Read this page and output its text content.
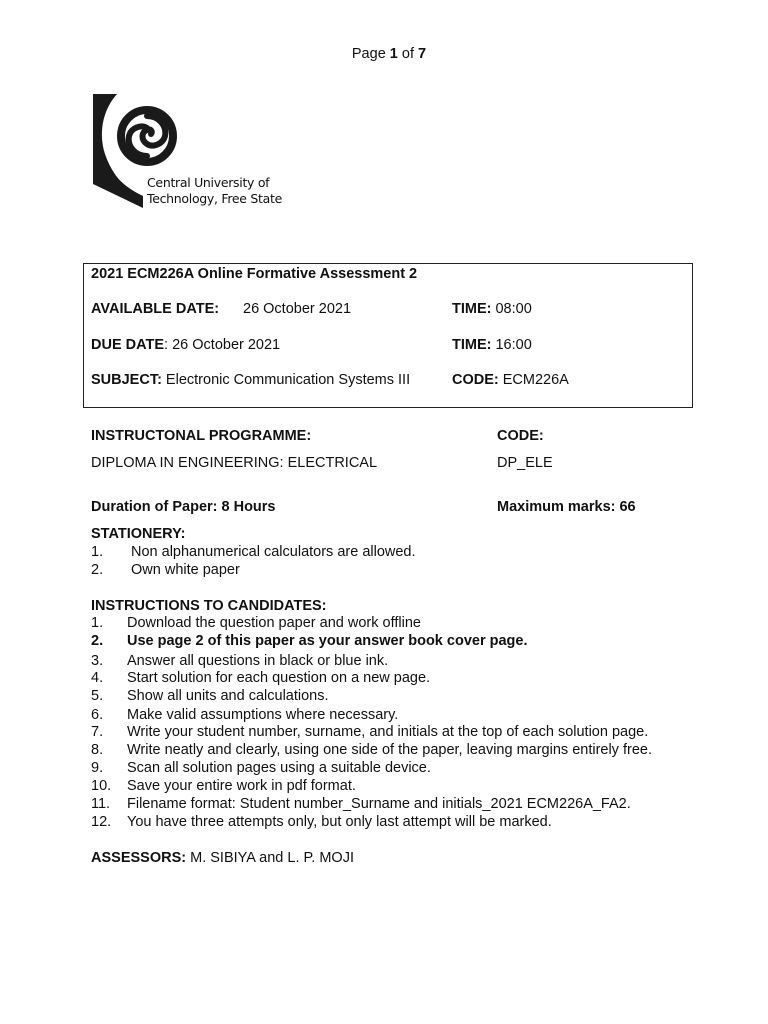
Page 1 of 7
Central University of
Technology, Free State
2021 ECM226A Online Formative Assessment 2
AVAILABLE DATE: 26 October 2021	TIME: 08:00
DUE DATE: 26 October 2021	TIME: 16:00
SUBJECT: Electronic Communication Systems III	CODE: ECM226A
INSTRUCTONAL PROGRAMME:	CODE:
DIPLOMA IN ENGINEERING: ELECTRICAL	DP_ELE
Duration of Paper: 8 Hours	Maximum marks: 66
STATIONERY:
1. Non alphanumerical calculators are allowed.
2. Own white paper
INSTRUCTIONS TO CANDIDATES:
1. Download the question paper and work offline
2. Use page 2 of this paper as your answer book cover page.
3. Answer all questions in black or blue ink.
4. Start solution for each question on a new page.
5. Show all units and calculations.
6. Make valid assumptions where necessary.
7. Write your student number, surname, and initials at the top of each solution page.
8. Write neatly and clearly, using one side of the paper, leaving margins entirely free.
9. Scan all solution pages using a suitable device.
10. Save your entire work in pdf format.
11. Filename format: Student number_Surname and initials_2021 ECM226A_FA2.
12. You have three attempts only, but only last attempt will be marked.
ASSESSORS: M. SIBIYA and L. P. MOJI
